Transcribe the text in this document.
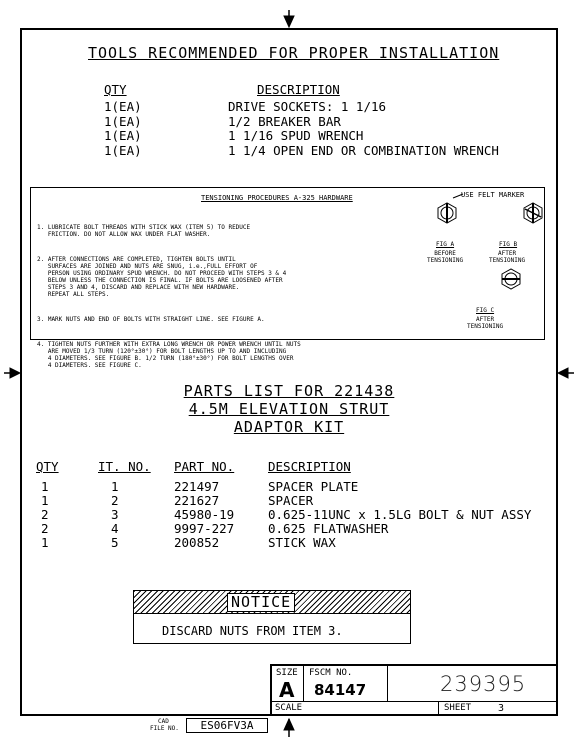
TOOLS RECOMMENDED FOR PROPER INSTALLATION
QTY	DESCRIPTION
1(EA)	DRIVE SOCKETS: 1 1/16
1(EA)	1/2 BREAKER BAR
1(EA)	1 1/16 SPUD WRENCH
1(EA)	1 1/4 OPEN END OR COMBINATION WRENCH
TENSIONING PROCEDURES A-325 HARDWARE

1. LUBRICATE BOLT THREADS WITH STICK WAX (ITEM 5) TO REDUCE
FRICTION. DO NOT ALLOW WAX UNDER FLAT WASHER.

2. AFTER CONNECTIONS ARE COMPLETED, TIGHTEN BOLTS UNTIL
SURFACES ARE JOINED AND NUTS ARE SNUG, i.e.,FULL EFFORT OF
PERSON USING ORDINARY SPUD WRENCH. DO NOT PROCEED WITH STEPS 3 & 4
BELOW UNLESS THE CONNECTION IS FINAL. IF BOLTS ARE LOOSENED AFTER
STEPS 3 AND 4, DISCARD AND REPLACE WITH NEW HARDWARE.
REPEAT ALL STEPS.

3. MARK NUTS AND END OF BOLTS WITH STRAIGHT LINE. SEE FIGURE A.

4. TIGHTEN NUTS FURTHER WITH EXTRA LONG WRENCH OR POWER WRENCH UNTIL NUTS
ARE MOVED 1/3 TURN (120°±30°) FOR BOLT LENGTHS UP TO AND INCLUDING
4 DIAMETERS. SEE FIGURE B. 1/2 TURN (180°±30°) FOR BOLT LENGTHS OVER
4 DIAMETERS. SEE FIGURE C.

USE FELT MARKER
FIG A
BEFORE
TENSIONING
FIG B
AFTER
TENSIONING
FIG C
AFTER
TENSIONING
PARTS LIST FOR 221438
4.5M ELEVATION STRUT
ADAPTOR KIT
QTY	IT. NO.	PART NO.	DESCRIPTION
1	1	221497	SPACER PLATE
1	2	221627	SPACER
2	3	45980-19	0.625-11UNC x 1.5LG BOLT & NUT ASSY
2	4	9997-227	0.625 FLATWASHER
1	5	200852	STICK WAX
NOTICE
DISCARD NUTS FROM ITEM 3.
SIZE
A
FSCM NO.
84147	239395
SCALE	SHEET	3
CAD
FILE NO.	ES06FV3A
